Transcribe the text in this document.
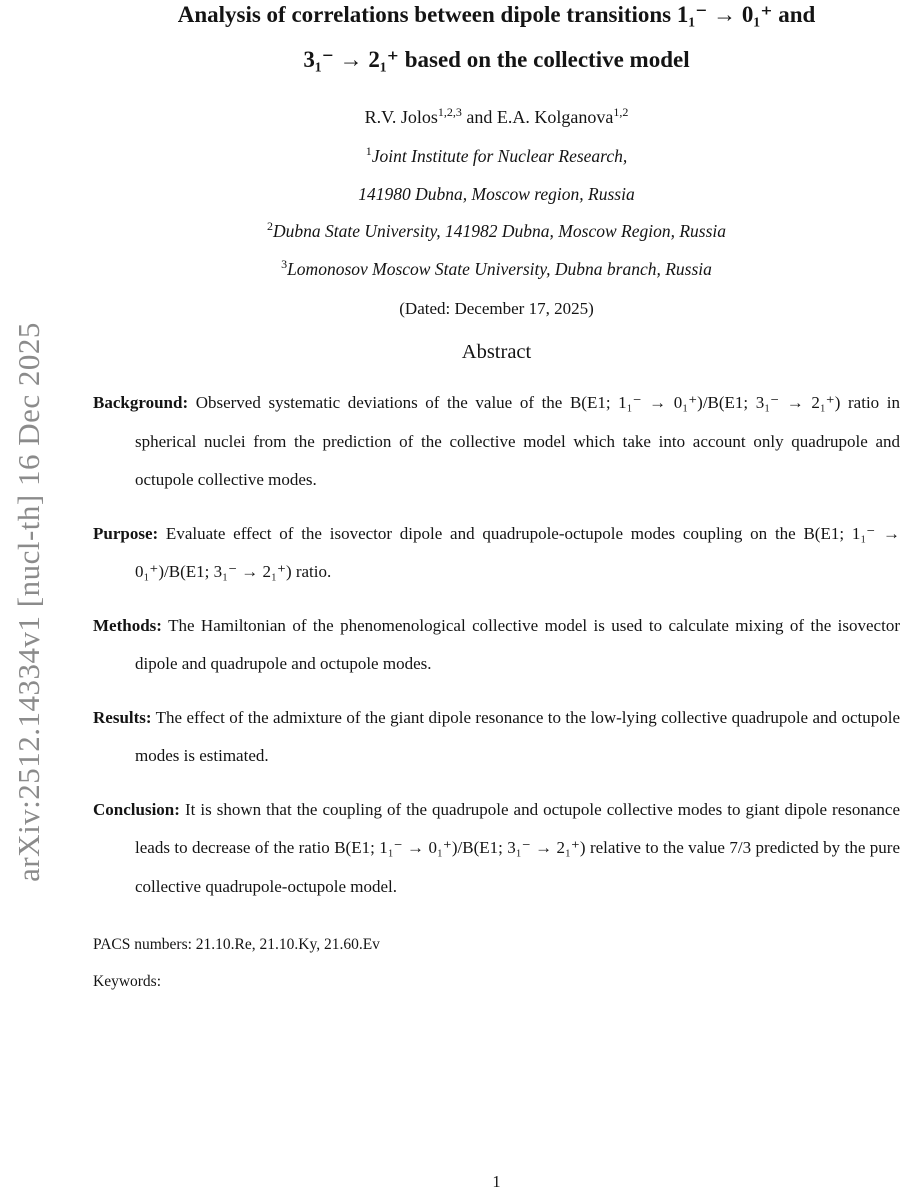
arXiv:2512.14334v1 [nucl-th] 16 Dec 2025
Analysis of correlations between dipole transitions 1₁⁻ → 0₁⁺ and
3₁⁻ → 2₁⁺ based on the collective model
R.V. Jolos$^{1,2,3}$ and E.A. Kolganova$^{1,2}$
$^1$Joint Institute for Nuclear Research,
141980 Dubna, Moscow region, Russia
$^2$Dubna State University, 141982 Dubna, Moscow Region, Russia
$^3$Lomonosov Moscow State University, Dubna branch, Russia
(Dated: December 17, 2025)
Abstract

Background: Observed systematic deviations of the value of the B(E1; 1₁⁻ → 0₁⁺)/B(E1; 3₁⁻ → 2₁⁺) ratio in spherical nuclei from the prediction of the collective model which take into account only quadrupole and octupole collective modes.

Purpose: Evaluate effect of the isovector dipole and quadrupole-octupole modes coupling on the B(E1; 1₁⁻ → 0₁⁺)/B(E1; 3₁⁻ → 2₁⁺) ratio.

Methods: The Hamiltonian of the phenomenological collective model is used to calculate mixing of the isovector dipole and quadrupole and octupole modes.

Results: The effect of the admixture of the giant dipole resonance to the low-lying collective quadrupole and octupole modes is estimated.

Conclusion: It is shown that the coupling of the quadrupole and octupole collective modes to giant dipole resonance leads to decrease of the ratio B(E1; 1₁⁻ → 0₁⁺)/B(E1; 3₁⁻ → 2₁⁺) relative to the value 7/3 predicted by the pure collective quadrupole-octupole model.

PACS numbers: 21.10.Re, 21.10.Ky, 21.60.Ev
Keywords:
1
